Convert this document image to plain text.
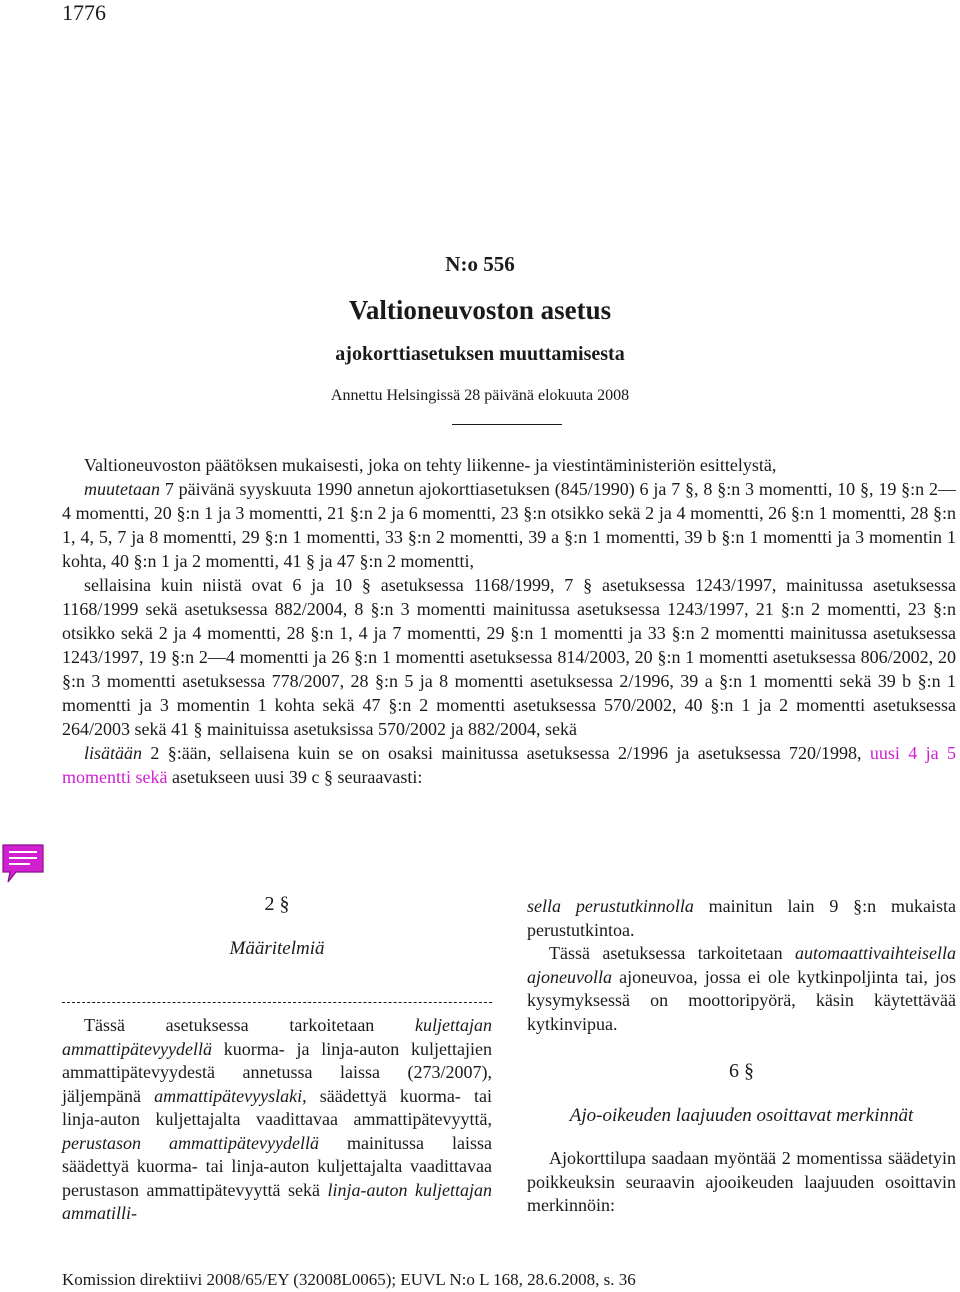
1776
N:o 556
Valtioneuvoston asetus
ajokorttiasetuksen muuttamisesta
Annettu Helsingissä 28 päivänä elokuuta 2008

Valtioneuvoston päätöksen mukaisesti, joka on tehty liikenne- ja viestintäministeriön esittelystä,

muutetaan 7 päivänä syyskuuta 1990 annetun ajokorttiasetuksen (845/1990) 6 ja 7 §, 8 §:n 3 momentti, 10 §, 19 §:n 2—4 momentti, 20 §:n 1 ja 3 momentti, 21 §:n 2 ja 6 momentti, 23 §:n otsikko sekä 2 ja 4 momentti, 26 §:n 1 momentti, 28 §:n 1, 4, 5, 7 ja 8 momentti, 29 §:n 1 momentti, 33 §:n 2 momentti, 39 a §:n 1 momentti, 39 b §:n 1 momentti ja 3 momentin 1 kohta, 40 §:n 1 ja 2 momentti, 41 § ja 47 §:n 2 momentti,

sellaisina kuin niistä ovat 6 ja 10 § asetuksessa 1168/1999, 7 § asetuksessa 1243/1997, mainitussa asetuksessa 1168/1999 sekä asetuksessa 882/2004, 8 §:n 3 momentti mainitussa asetuksessa 1243/1997, 21 §:n 2 momentti, 23 §:n otsikko sekä 2 ja 4 momentti, 28 §:n 1, 4 ja 7 momentti, 29 §:n 1 momentti ja 33 §:n 2 momentti mainitussa asetuksessa 1243/1997, 19 §:n 2—4 momentti ja 26 §:n 1 momentti asetuksessa 814/2003, 20 §:n 1 momentti asetuksessa 806/2002, 20 §:n 3 momentti asetuksessa 778/2007, 28 §:n 5 ja 8 momentti asetuksessa 2/1996, 39 a §:n 1 momentti sekä 39 b §:n 1 momentti ja 3 momentin 1 kohta sekä 47 §:n 2 momentti asetuksessa 570/2002, 40 §:n 1 ja 2 momentti asetuksessa 264/2003 sekä 41 § mainituissa asetuksissa 570/2002 ja 882/2004, sekä

lisätään 2 §:ään, sellaisena kuin se on osaksi mainitussa asetuksessa 2/1996 ja asetuksessa 720/1998, uusi 4 ja 5 momentti sekä asetukseen uusi 39 c § seuraavasti:

2 §
Määritelmiä
Tässä asetuksessa tarkoitetaan kuljettajan ammattipätevyydellä kuorma- ja linja-auton kuljettajien ammattipätevyydestä annetussa laissa (273/2007), jäljempänä ammattipätevyyslaki, säädettyä kuorma- tai linja-auton kuljettajalta vaadittavaa ammattipätevyyttä, perustason ammattipätevyydellä mainitussa laissa säädettyä kuorma- tai linja-auton kuljettajalta vaadittavaa perustason ammattipätevyyttä sekä linja-auton kuljettajan ammatilli-
sella perustutkinnolla mainitun lain 9 §:n mukaista perustutkintoa.
Tässä asetuksessa tarkoitetaan automaattivaihteisella ajoneuvolla ajoneuvoa, jossa ei ole kytkinpoljinta tai, jos kysymyksessä on moottoripyörä, käsin käytettävää kytkinvipua.
6 §
Ajo-oikeuden laajuuden osoittavat merkinnät
Ajokorttilupa saadaan myöntää 2 momentissa säädetyin poikkeuksin seuraavin ajooikeuden laajuuden osoittavin merkinnöin:
Komission direktiivi 2008/65/EY (32008L0065); EUVL N:o L 168, 28.6.2008, s. 36
